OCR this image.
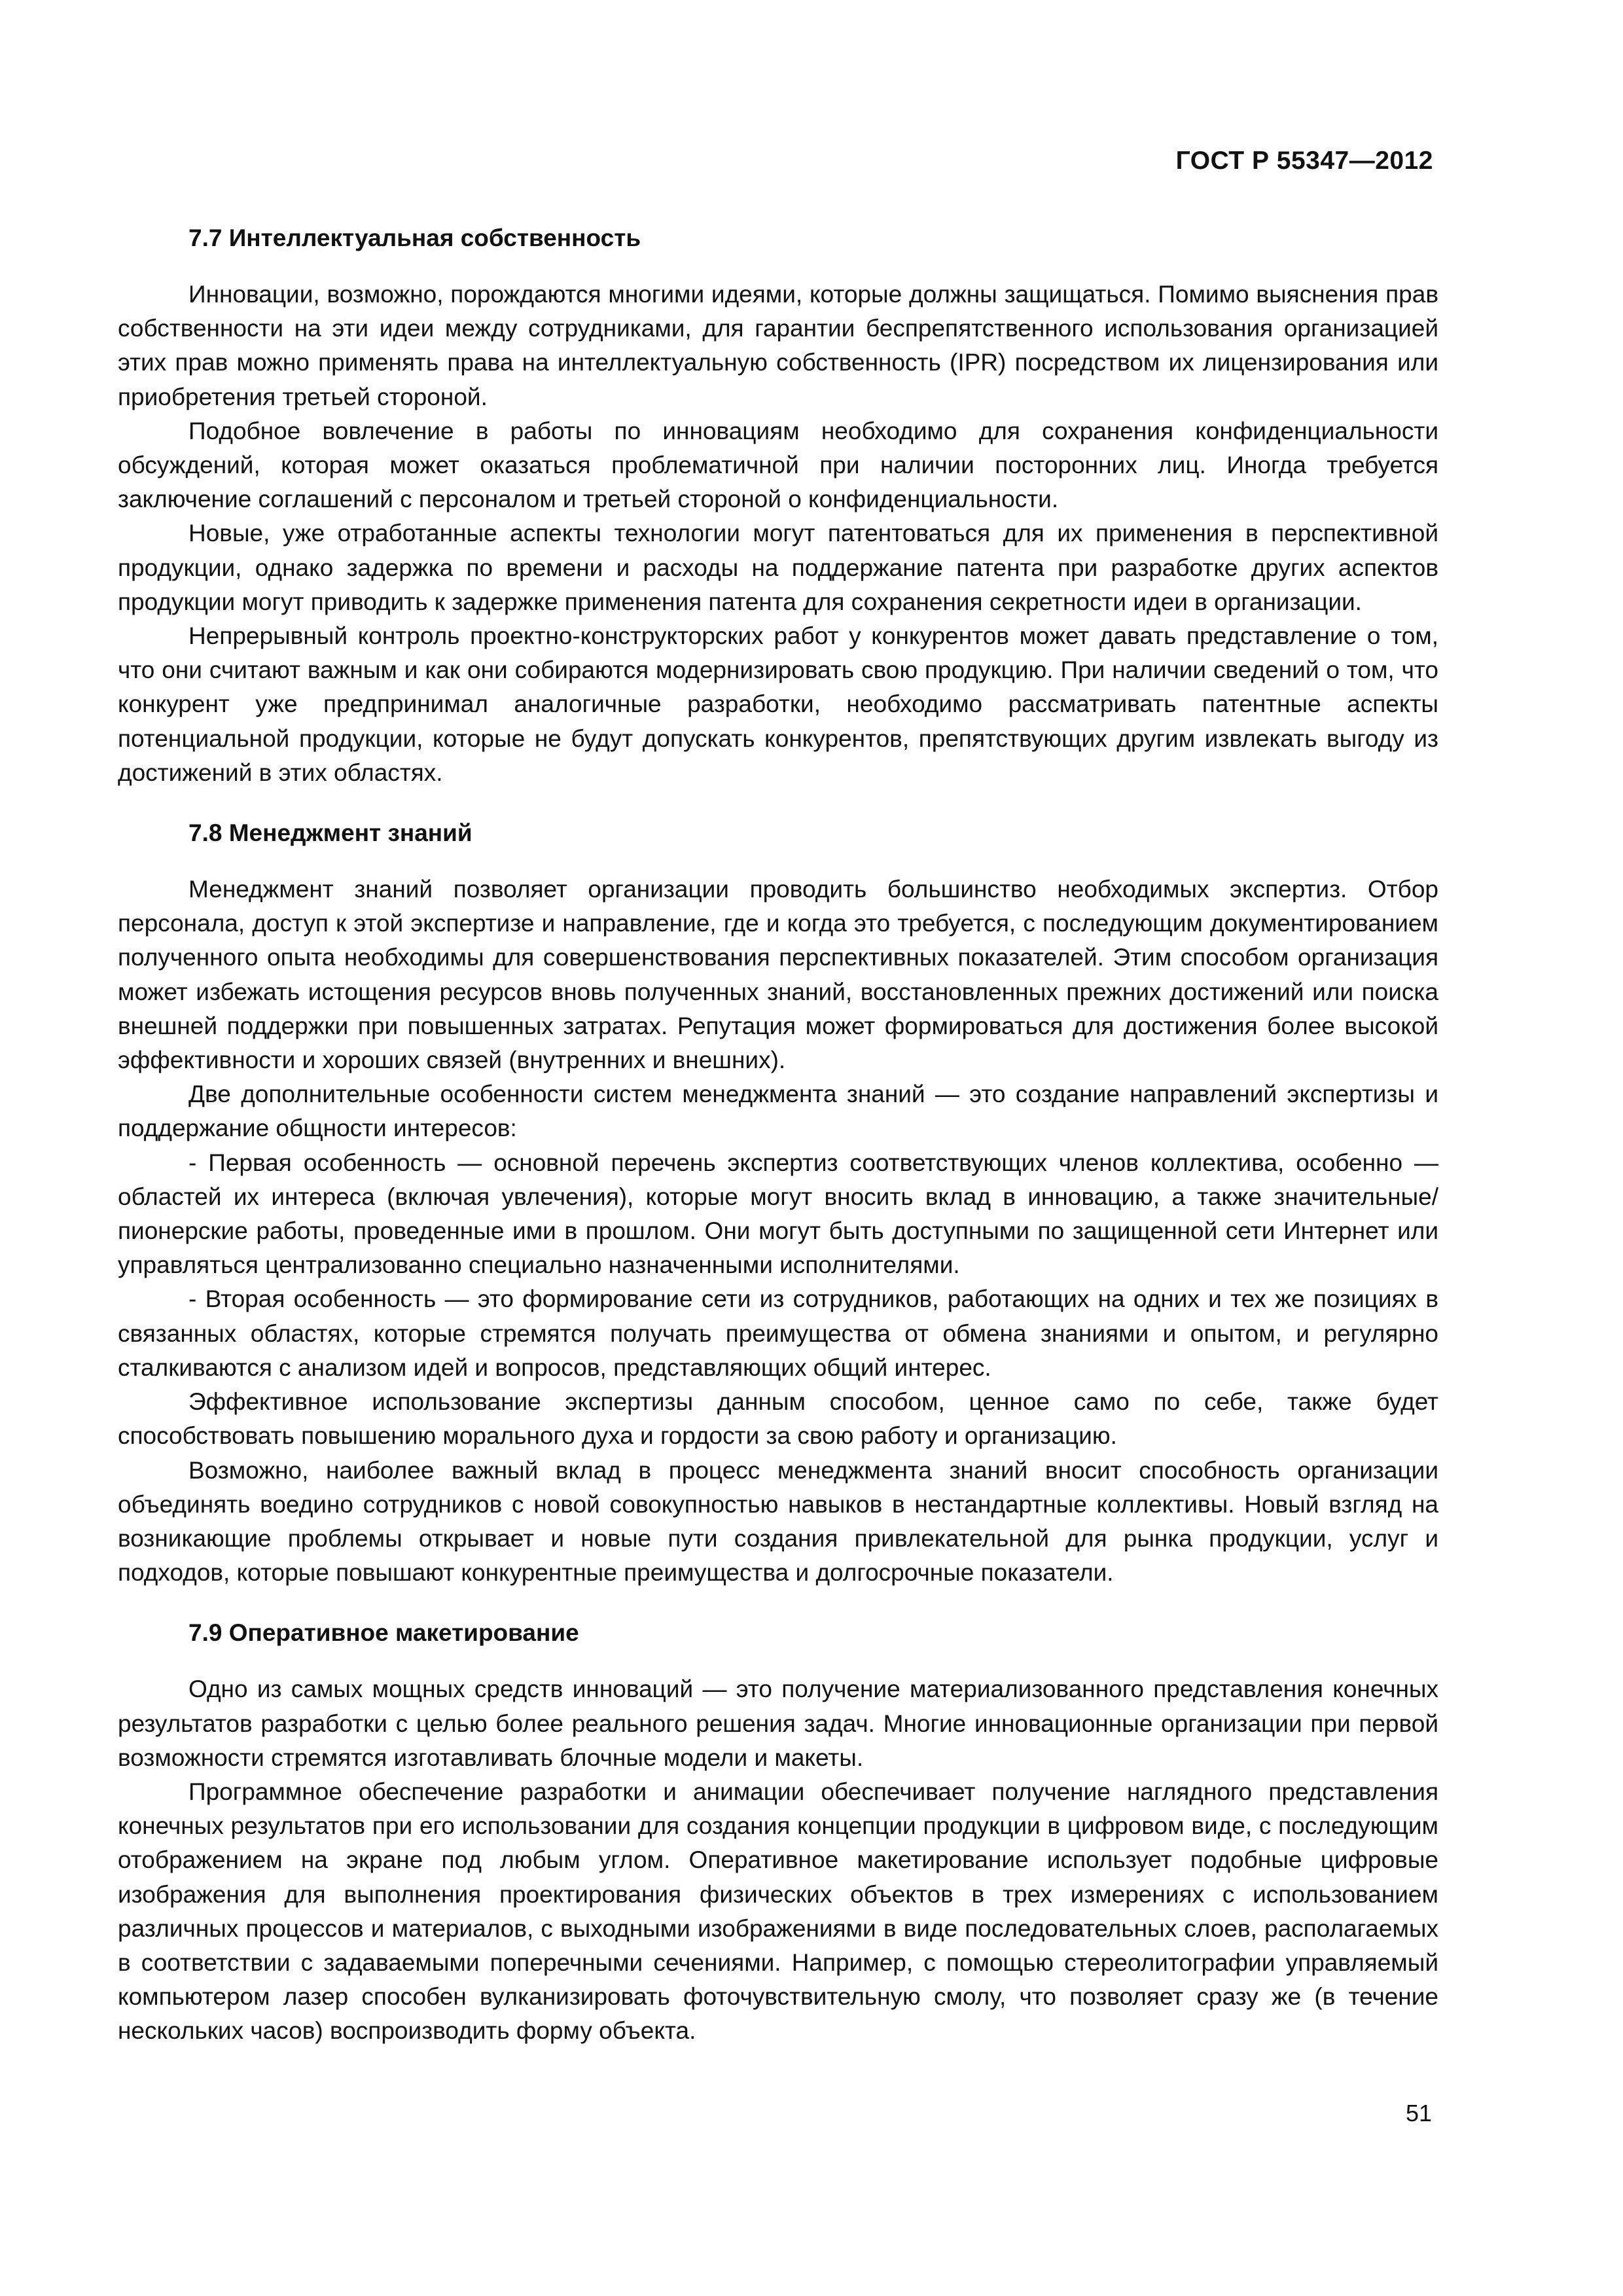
ГОСТ Р 55347—2012
7.7 Интеллектуальная собственность

Инновации, возможно, порождаются многими идеями, которые должны защищаться. Помимо выяснения прав собственности на эти идеи между сотрудниками, для гарантии беспрепятственного использования организацией этих прав можно применять права на интеллектуальную собственность (IPR) посредством их лицензирования или приобретения третьей стороной.

Подобное вовлечение в работы по инновациям необходимо для сохранения конфиденциальности обсуждений, которая может оказаться проблематичной при наличии посторонних лиц. Иногда требуется заключение соглашений с персоналом и третьей стороной о конфиденциальности.

Новые, уже отработанные аспекты технологии могут патентоваться для их применения в перспективной продукции, однако задержка по времени и расходы на поддержание патента при разработке других аспектов продукции могут приводить к задержке применения патента для сохранения секретности идеи в организации.

Непрерывный контроль проектно-конструкторских работ у конкурентов может давать представление о том, что они считают важным и как они собираются модернизировать свою продукцию. При наличии сведений о том, что конкурент уже предпринимал аналогичные разработки, необходимо рассматривать патентные аспекты потенциальной продукции, которые не будут допускать конкурентов, препятствующих другим извлекать выгоду из достижений в этих областях.

7.8 Менеджмент знаний

Менеджмент знаний позволяет организации проводить большинство необходимых экспертиз. Отбор персонала, доступ к этой экспертизе и направление, где и когда это требуется, с последующим документированием полученного опыта необходимы для совершенствования перспективных показателей. Этим способом организация может избежать истощения ресурсов вновь полученных знаний, восстановленных прежних достижений или поиска внешней поддержки при повышенных затратах. Репутация может формироваться для достижения более высокой эффективности и хороших связей (внутренних и внешних).

Две дополнительные особенности систем менеджмента знаний — это создание направлений экспертизы и поддержание общности интересов:

- Первая особенность — основной перечень экспертиз соответствующих членов коллектива, особенно — областей их интереса (включая увлечения), которые могут вносить вклад в инновацию, а также значительные/пионерские работы, проведенные ими в прошлом. Они могут быть доступными по защищенной сети Интернет или управляться централизованно специально назначенными исполнителями.

- Вторая особенность — это формирование сети из сотрудников, работающих на одних и тех же позициях в связанных областях, которые стремятся получать преимущества от обмена знаниями и опытом, и регулярно сталкиваются с анализом идей и вопросов, представляющих общий интерес.

Эффективное использование экспертизы данным способом, ценное само по себе, также будет способствовать повышению морального духа и гордости за свою работу и организацию.

Возможно, наиболее важный вклад в процесс менеджмента знаний вносит способность организации объединять воедино сотрудников с новой совокупностью навыков в нестандартные коллективы. Новый взгляд на возникающие проблемы открывает и новые пути создания привлекательной для рынка продукции, услуг и подходов, которые повышают конкурентные преимущества и долгосрочные показатели.

7.9 Оперативное макетирование

Одно из самых мощных средств инноваций — это получение материализованного представления конечных результатов разработки с целью более реального решения задач. Многие инновационные организации при первой возможности стремятся изготавливать блочные модели и макеты.

Программное обеспечение разработки и анимации обеспечивает получение наглядного представления конечных результатов при его использовании для создания концепции продукции в цифровом виде, с последующим отображением на экране под любым углом. Оперативное макетирование использует подобные цифровые изображения для выполнения проектирования физических объектов в трех измерениях с использованием различных процессов и материалов, с выходными изображениями в виде последовательных слоев, располагаемых в соответствии с задаваемыми поперечными сечениями. Например, с помощью стереолитографии управляемый компьютером лазер способен вулканизировать фоточувствительную смолу, что позволяет сразу же (в течение нескольких часов) воспроизводить форму объекта.

51
